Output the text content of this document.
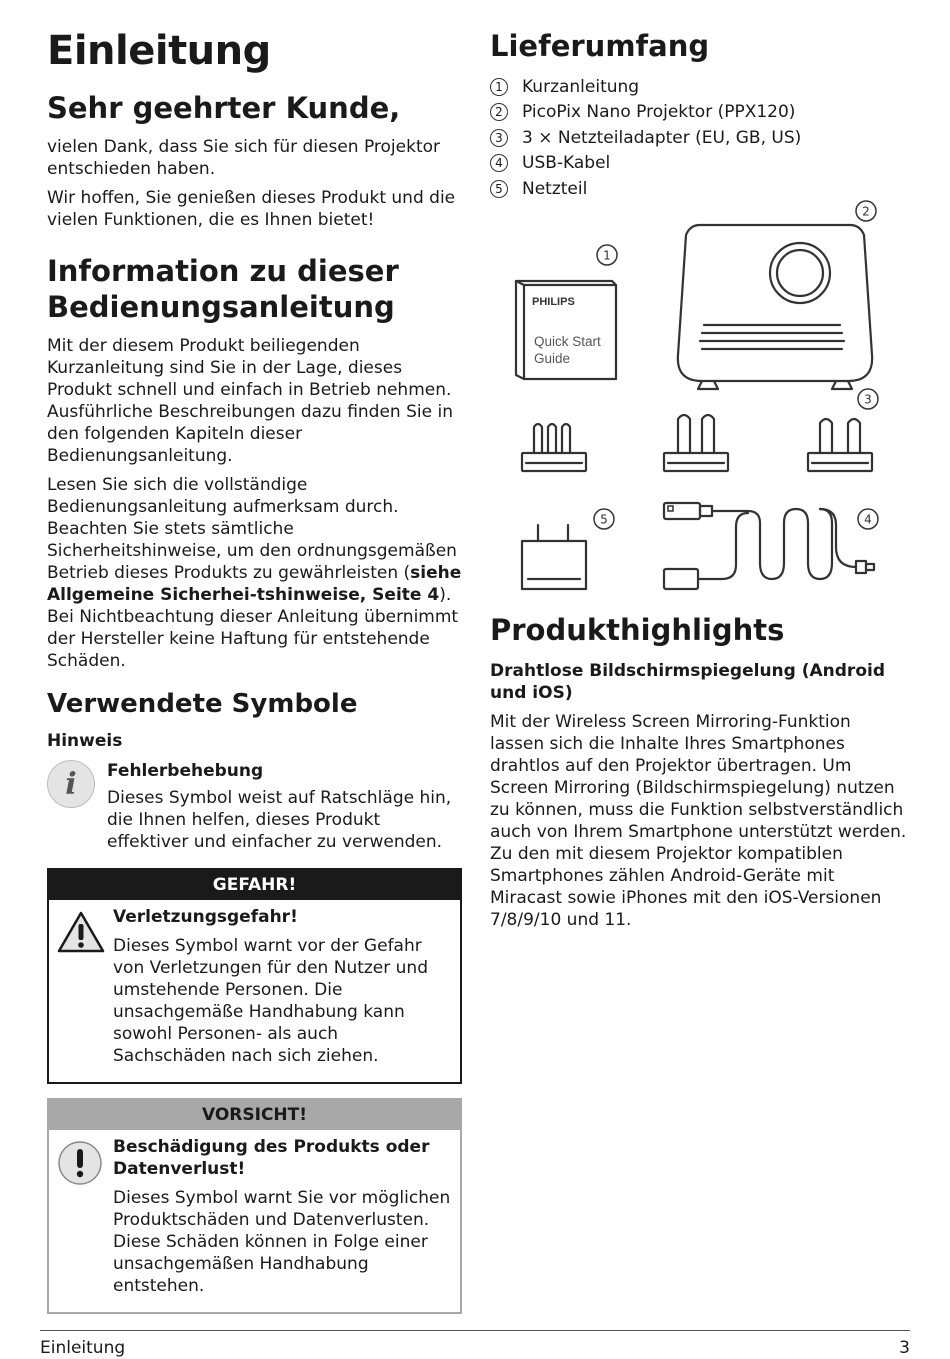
Einleitung
Sehr geehrter Kunde,

vielen Dank, dass Sie sich für diesen Projektor entschieden haben.

Wir hoffen, Sie genießen dieses Produkt und die vielen Funktionen, die es Ihnen bietet!

Information zu dieser Bedienungsanleitung

Mit der diesem Produkt beiliegenden Kurzanleitung sind Sie in der Lage, dieses Produkt schnell und einfach in Betrieb nehmen. Ausführliche Beschreibungen dazu finden Sie in den folgenden Kapiteln dieser Bedienungsanleitung.

Lesen Sie sich die vollständige Bedienungsanleitung aufmerksam durch. Beachten Sie stets sämtliche Sicherheitshinweise, um den ordnungsgemäßen Betrieb dieses Produkts zu gewährleisten (siehe Allgemeine Sicherhei-tshinweise, Seite 4). Bei Nichtbeachtung dieser Anleitung übernimmt der Hersteller keine Haftung für entstehende Schäden.

Verwendete Symbole

Hinweis

i	Fehlerbehebung

Dieses Symbol weist auf Ratschläge hin, die Ihnen helfen, dieses Produkt effektiver und einfacher zu verwenden.

GEFAHR!

Verletzungsgefahr!

Dieses Symbol warnt vor der Gefahr von Verletzungen für den Nutzer und umstehende Personen. Die unsachgemäße Handhabung kann sowohl Personen- als auch Sachschäden nach sich ziehen.

VORSICHT!

Beschädigung des Produkts oder Datenverlust!

Dieses Symbol warnt Sie vor möglichen Produktschäden und Datenverlusten. Diese Schäden können in Folge einer unsachgemäßen Handhabung entstehen.

Lieferumfang
1	Kurzanleitung
2	PicoPix Nano Projektor (PPX120)
3	3 × Netzteiladapter (EU, GB, US)
4	USB-Kabel
5	Netzteil
PHILIPS
Quick Start
Guide
1
2
3
4
5
Produkthighlights

Drahtlose Bildschirmspiegelung (Android und iOS)

Mit der Wireless Screen Mirroring-Funktion lassen sich die Inhalte Ihres Smartphones drahtlos auf den Projektor übertragen. Um Screen Mirroring (Bildschirmspiegelung) nutzen zu können, muss die Funktion selbstverständlich auch von Ihrem Smartphone unterstützt werden. Zu den mit diesem Projektor kompatiblen Smartphones zählen Android-Geräte mit Miracast sowie iPhones mit den iOS-Versionen 7/8/9/10 und 11.

Einleitung	3
